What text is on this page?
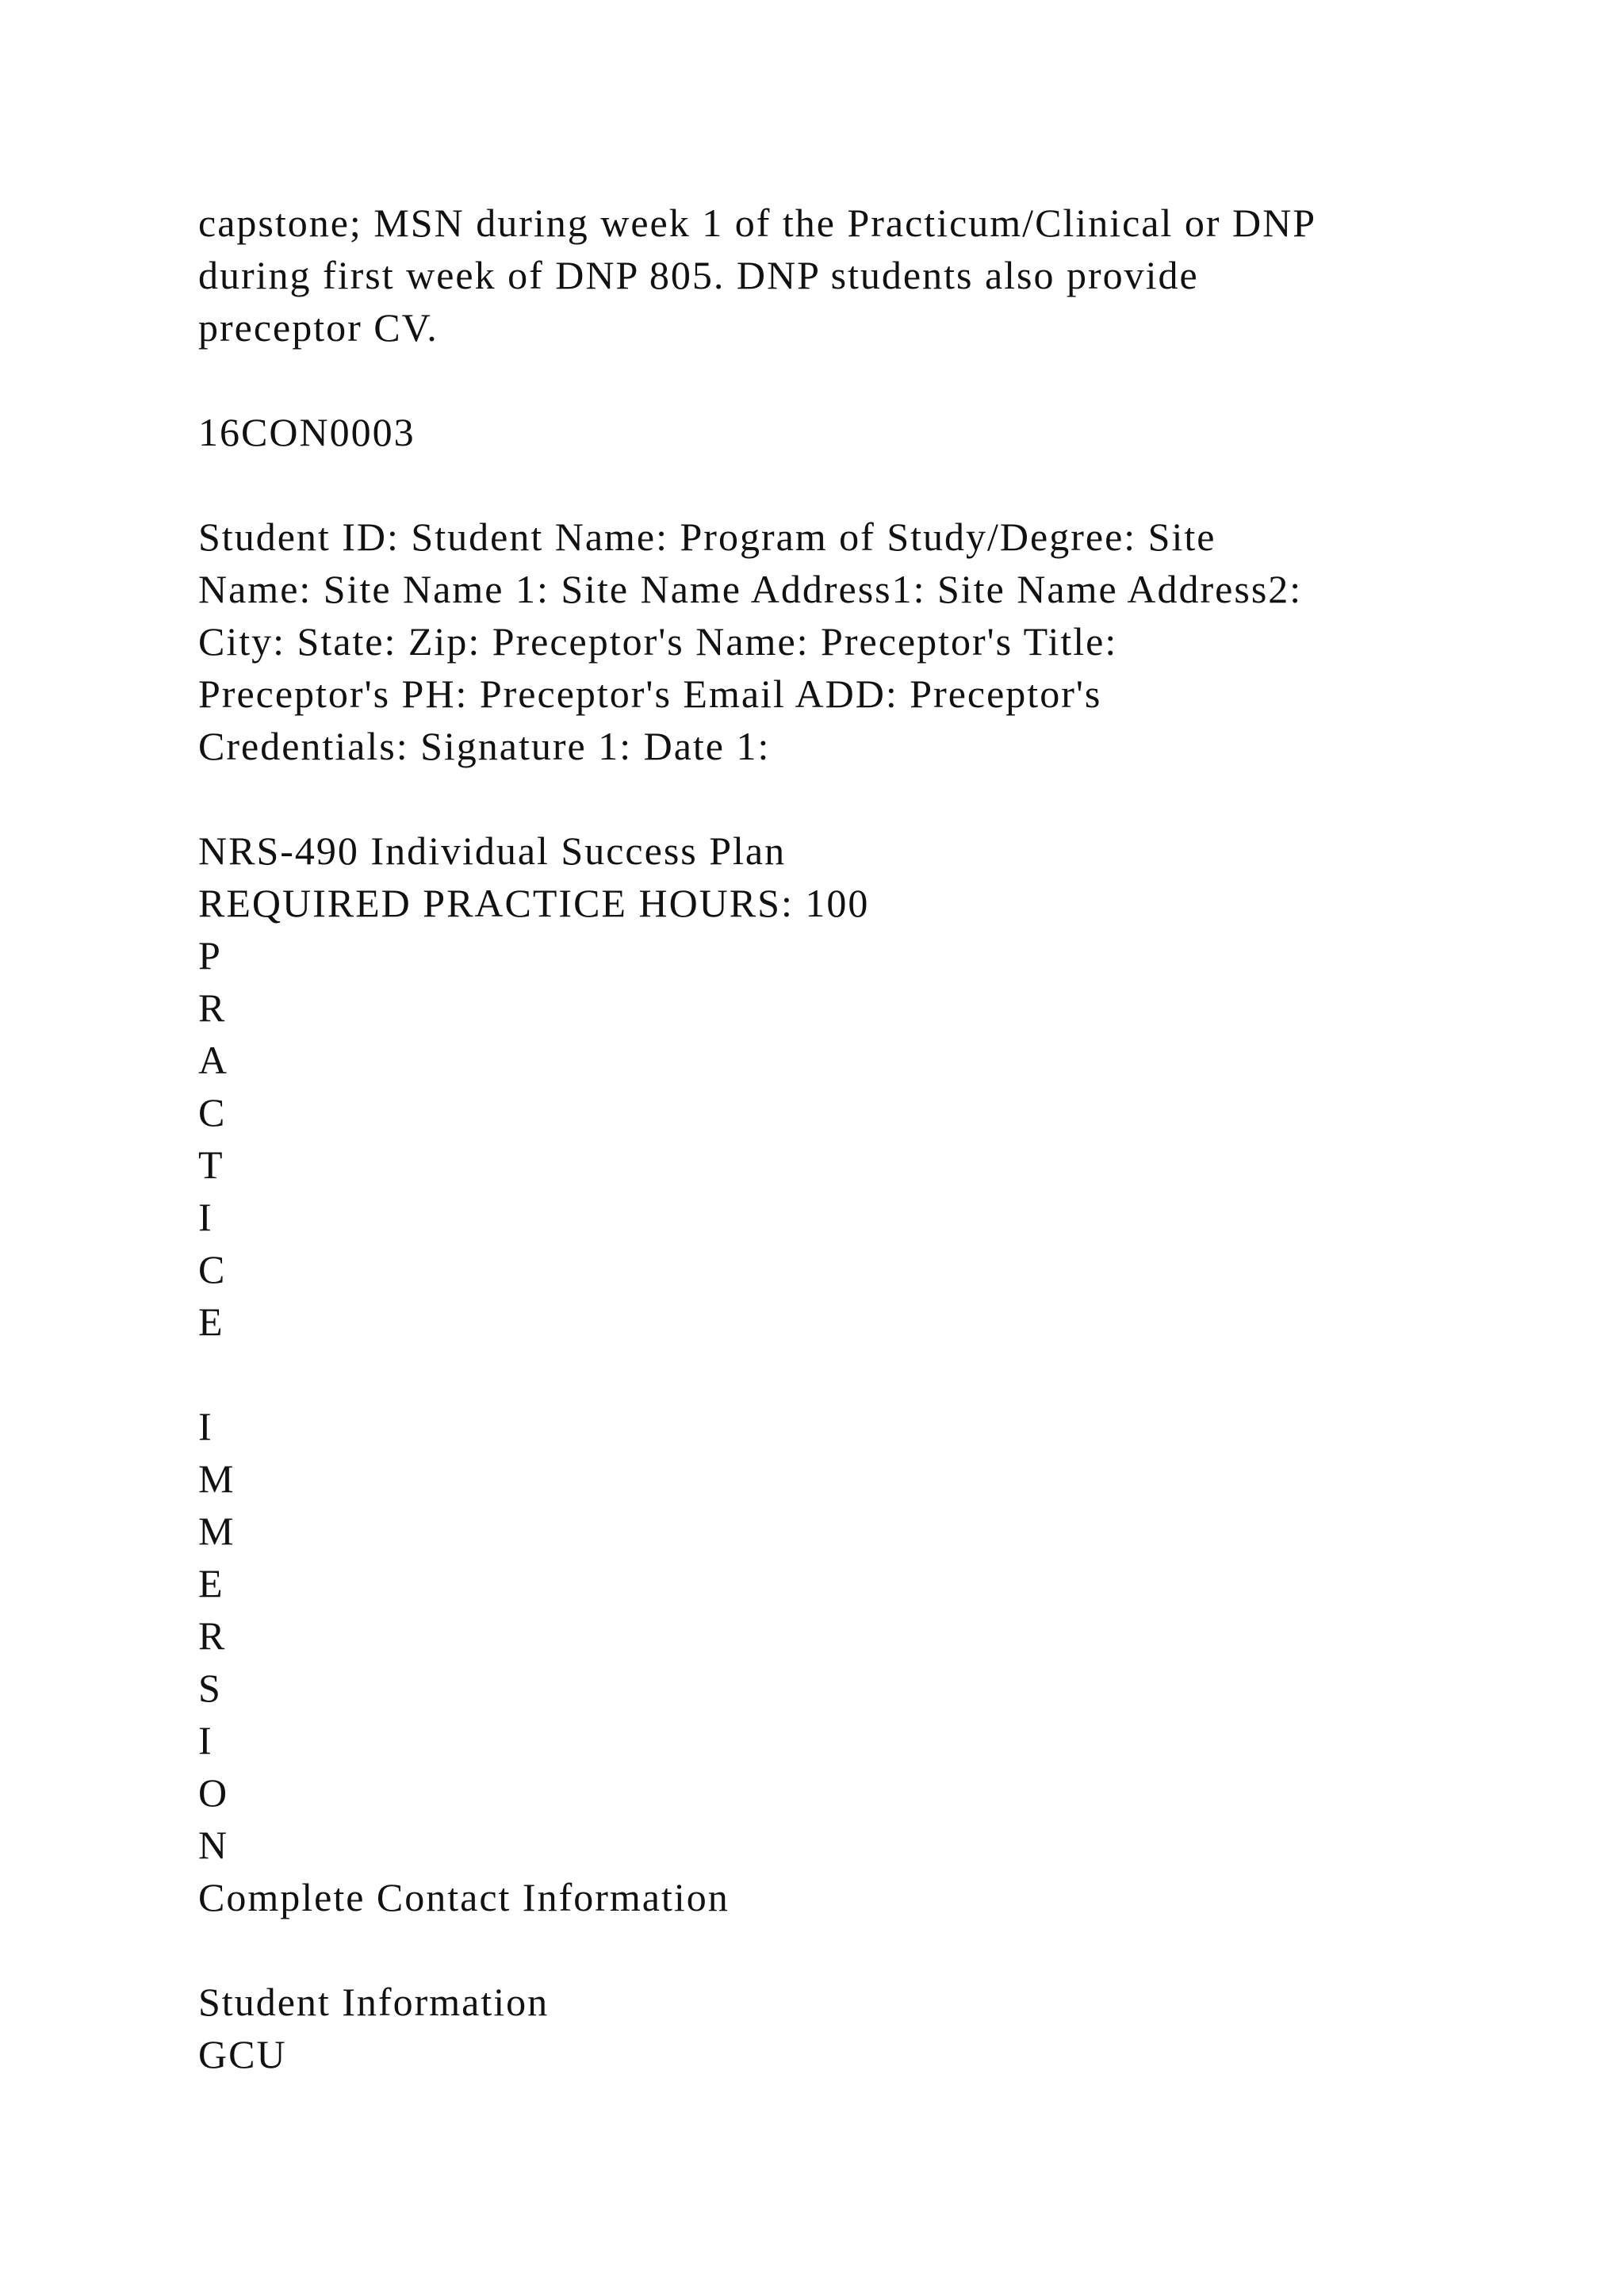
capstone; MSN during week 1 of the Practicum/Clinical or DNP
during first week of DNP 805. DNP students also provide
preceptor CV.
16CON0003
Student ID: Student Name: Program of Study/Degree: Site
Name: Site Name 1: Site Name Address1: Site Name Address2:
City: State: Zip: Preceptor's Name: Preceptor's Title:
Preceptor's PH: Preceptor's Email ADD: Preceptor's
Credentials: Signature 1: Date 1:
NRS-490 Individual Success Plan
REQUIRED PRACTICE HOURS: 100
P
R
A
C
T
I
C
E
I
M
M
E
R
S
I
O
N
Complete Contact Information
Student Information
GCU
